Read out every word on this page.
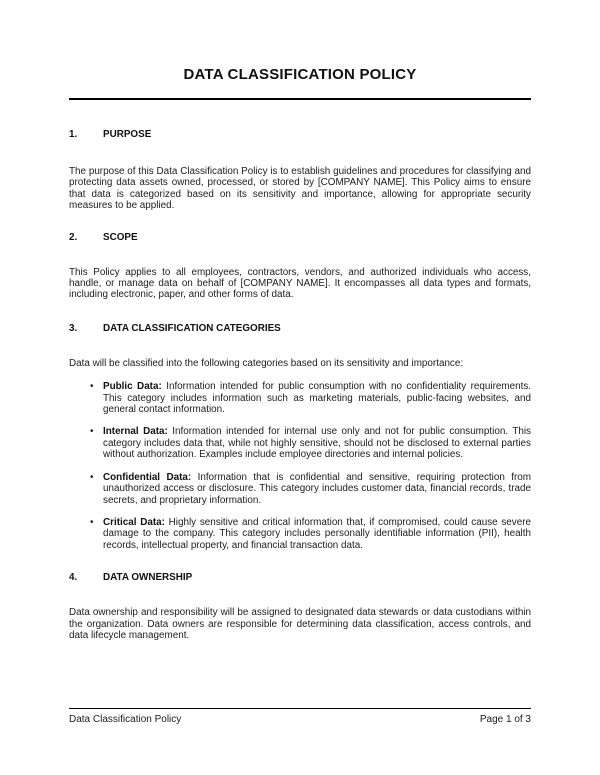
DATA CLASSIFICATION POLICY
1.	PURPOSE

The purpose of this Data Classification Policy is to establish guidelines and procedures for classifying and protecting data assets owned, processed, or stored by [COMPANY NAME]. This Policy aims to ensure that data is categorized based on its sensitivity and importance, allowing for appropriate security measures to be applied.

2.	SCOPE

This Policy applies to all employees, contractors, vendors, and authorized individuals who access, handle, or manage data on behalf of [COMPANY NAME]. It encompasses all data types and formats, including electronic, paper, and other forms of data.

3.	DATA CLASSIFICATION CATEGORIES

Data will be classified into the following categories based on its sensitivity and importance:

• Public Data: Information intended for public consumption with no confidentiality requirements. This category includes information such as marketing materials, public-facing websites, and general contact information.
• Internal Data: Information intended for internal use only and not for public consumption. This category includes data that, while not highly sensitive, should not be disclosed to external parties without authorization. Examples include employee directories and internal policies.
• Confidential Data: Information that is confidential and sensitive, requiring protection from unauthorized access or disclosure. This category includes customer data, financial records, trade secrets, and proprietary information.
• Critical Data: Highly sensitive and critical information that, if compromised, could cause severe damage to the company. This category includes personally identifiable information (PII), health records, intellectual property, and financial transaction data.
4.	DATA OWNERSHIP

Data ownership and responsibility will be assigned to designated data stewards or data custodians within the organization. Data owners are responsible for determining data classification, access controls, and data lifecycle management.

Data Classification Policy	Page 1 of 3
